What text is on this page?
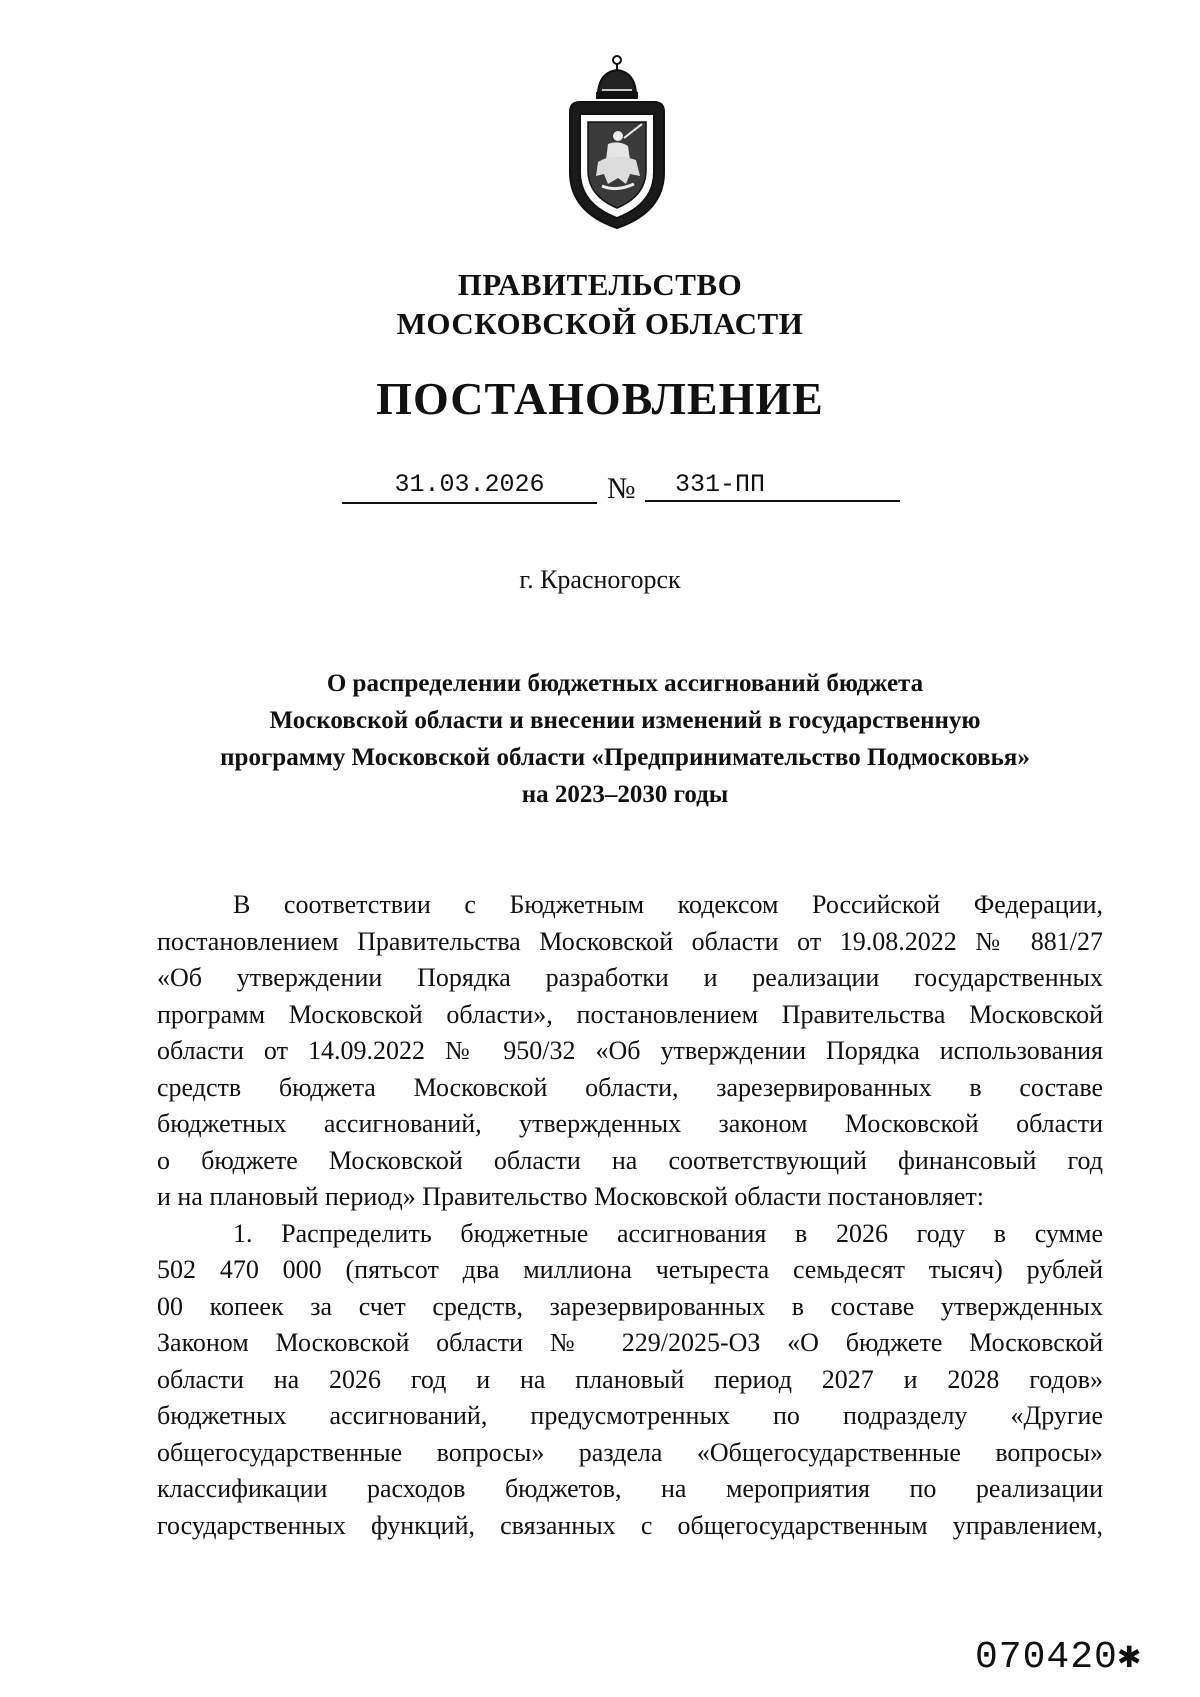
ПРАВИТЕЛЬСТВО
МОСКОВСКОЙ ОБЛАСТИ
ПОСТАНОВЛЕНИЕ
31.03.2026	№	331-ПП
г. Красногорск
О распределении бюджетных ассигнований бюджета
Московской области и внесении изменений в государственную
программу Московской области «Предпринимательство Подмосковья»
на 2023–2030 годы
В соответствии с Бюджетным кодексом Российской Федерации,
постановлением Правительства Московской области от 19.08.2022 № 881/27
«Об утверждении Порядка разработки и реализации государственных
программ Московской области», постановлением Правительства Московской
области от 14.09.2022 № 950/32 «Об утверждении Порядка использования
средств бюджета Московской области, зарезервированных в составе
бюджетных ассигнований, утвержденных законом Московской области
о бюджете Московской области на соответствующий финансовый год
и на плановый период» Правительство Московской области постановляет:
1. Распределить бюджетные ассигнования в 2026 году в сумме
502 470 000 (пятьсот два миллиона четыреста семьдесят тысяч) рублей
00 копеек за счет средств, зарезервированных в составе утвержденных
Законом Московской области № 229/2025-ОЗ «О бюджете Московской
области на 2026 год и на плановый период 2027 и 2028 годов»
бюджетных ассигнований, предусмотренных по подразделу «Другие
общегосударственные вопросы» раздела «Общегосударственные вопросы»
классификации расходов бюджетов, на мероприятия по реализации
государственных функций, связанных с общегосударственным управлением,
070420✱
